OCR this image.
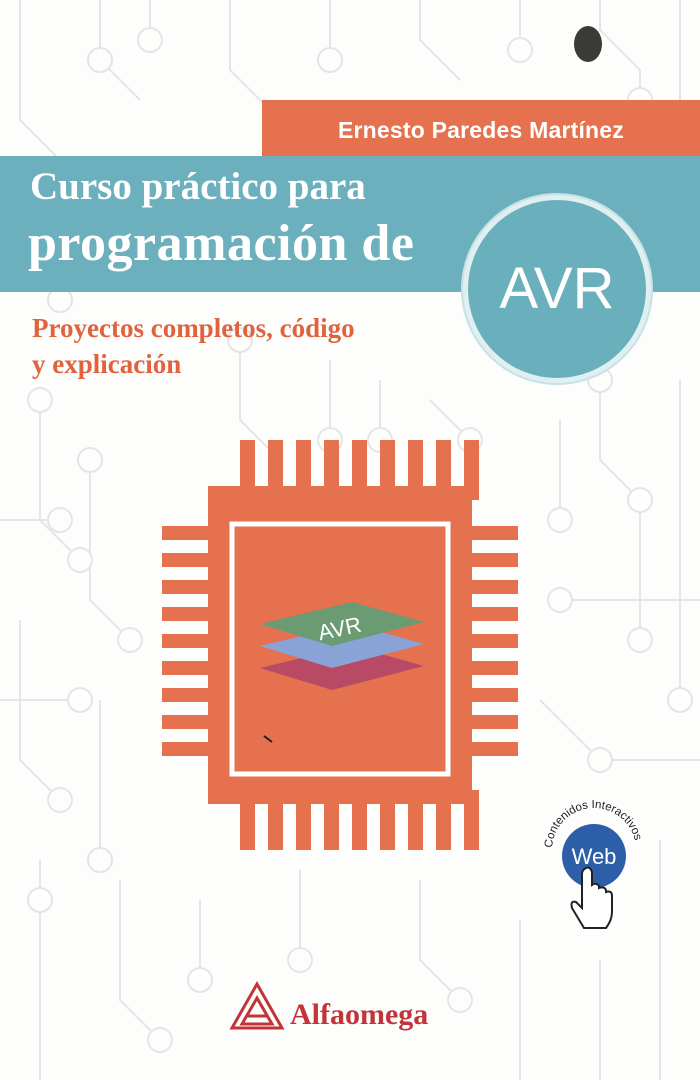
Ernesto Paredes Martínez
Curso práctico para
programación de
AVR

Proyectos completos, código
y explicación

AVR
Contenidos Interactivos
Web
Alfaomega
